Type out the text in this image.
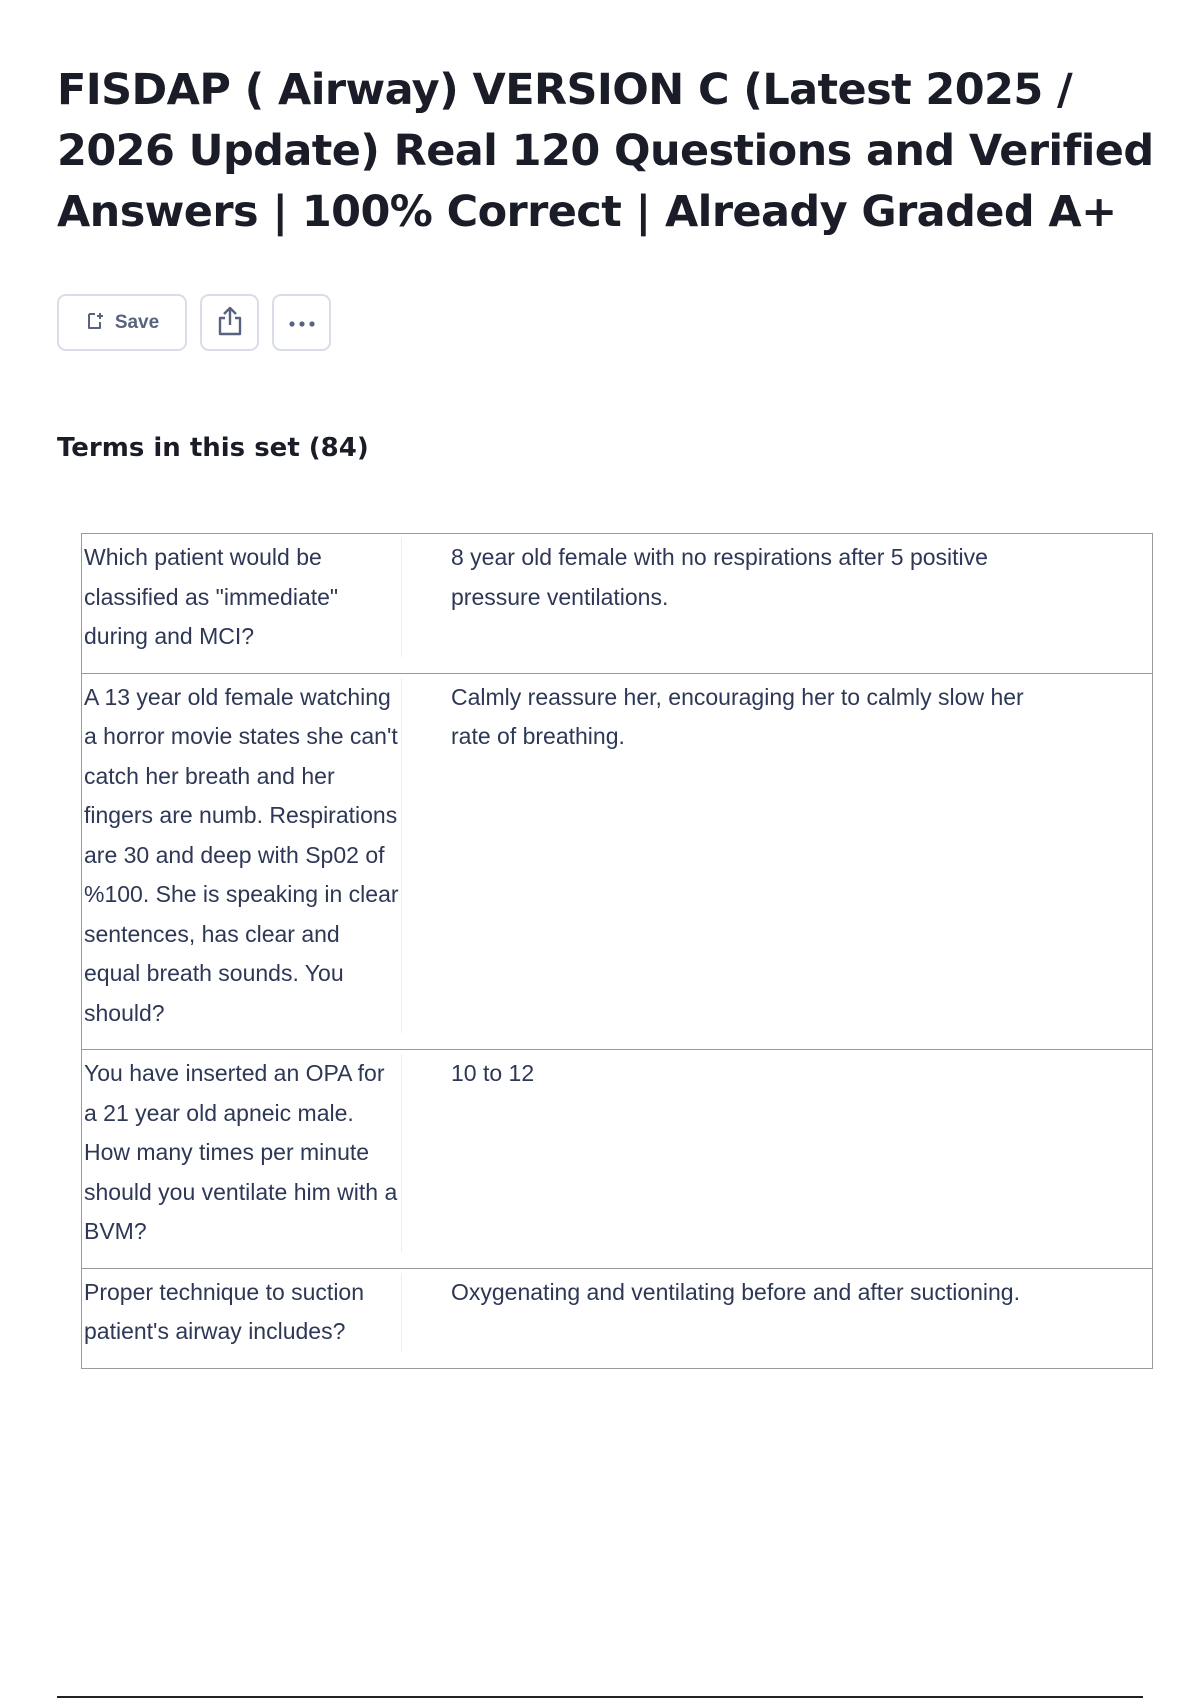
FISDAP ( Airway) VERSION C (Latest 2025 / 2026 Update) Real 120 Questions and Verified Answers | 100% Correct | Already Graded A+
Save
Terms in this set (84)
Which patient would be classified as "immediate" during and MCI?	8 year old female with no respirations after 5 positive pressure ventilations.

A 13 year old female watching a horror movie states she can't catch her breath and her fingers are numb. Respirations are 30 and deep with Sp02 of %100. She is speaking in clear sentences, has clear and equal breath sounds. You should?	Calmly reassure her, encouraging her to calmly slow her rate of breathing.

You have inserted an OPA for a 21 year old apneic male. How many times per minute should you ventilate him with a BVM?	10 to 12

Proper technique to suction patient's airway includes?	Oxygenating and ventilating before and after suctioning.
